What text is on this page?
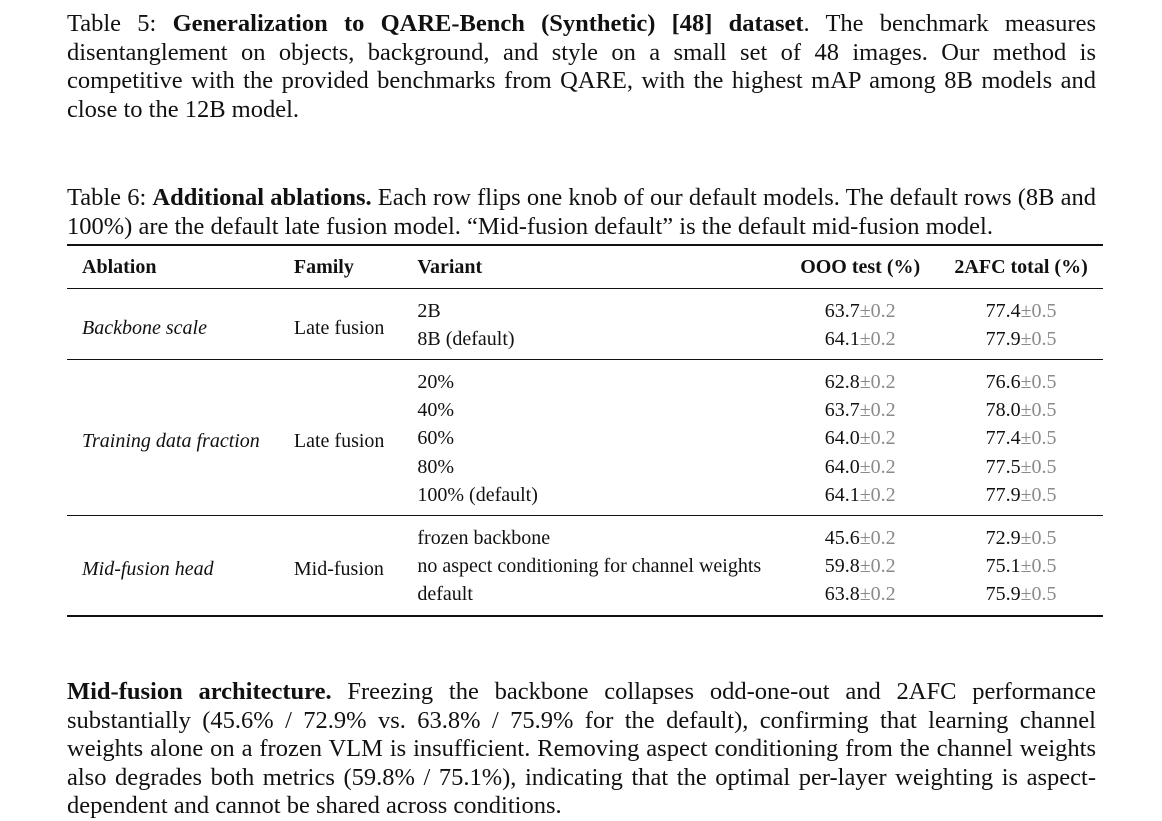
Table 5: Generalization to QARE-Bench (Synthetic) [48] dataset. The benchmark measures disentanglement on objects, background, and style on a small set of 48 images. Our method is competitive with the provided benchmarks from QARE, with the highest mAP among 8B models and close to the 12B model.
Table 6: Additional ablations. Each row flips one knob of our default models. The default rows (8B and 100%) are the default late fusion model. “Mid-fusion default” is the default mid-fusion model.
Ablation	Family	Variant	OOO test (%)	2AFC total (%)
Backbone scale	Late fusion	2B	63.7±0.2	77.4±0.5
		8B (default)	64.1±0.2	77.9±0.5
Training data fraction	Late fusion	20%	62.8±0.2	76.6±0.5
		40%	63.7±0.2	78.0±0.5
		60%	64.0±0.2	77.4±0.5
		80%	64.0±0.2	77.5±0.5
		100% (default)	64.1±0.2	77.9±0.5
Mid-fusion head	Mid-fusion	frozen backbone	45.6±0.2	72.9±0.5
		no aspect conditioning for channel weights	59.8±0.2	75.1±0.5
		default	63.8±0.2	75.9±0.5
Mid-fusion architecture. Freezing the backbone collapses odd-one-out and 2AFC performance substantially (45.6% / 72.9% vs. 63.8% / 75.9% for the default), confirming that learning channel weights alone on a frozen VLM is insufficient. Removing aspect conditioning from the channel weights also degrades both metrics (59.8% / 75.1%), indicating that the optimal per-layer weighting is aspect-dependent and cannot be shared across conditions.
